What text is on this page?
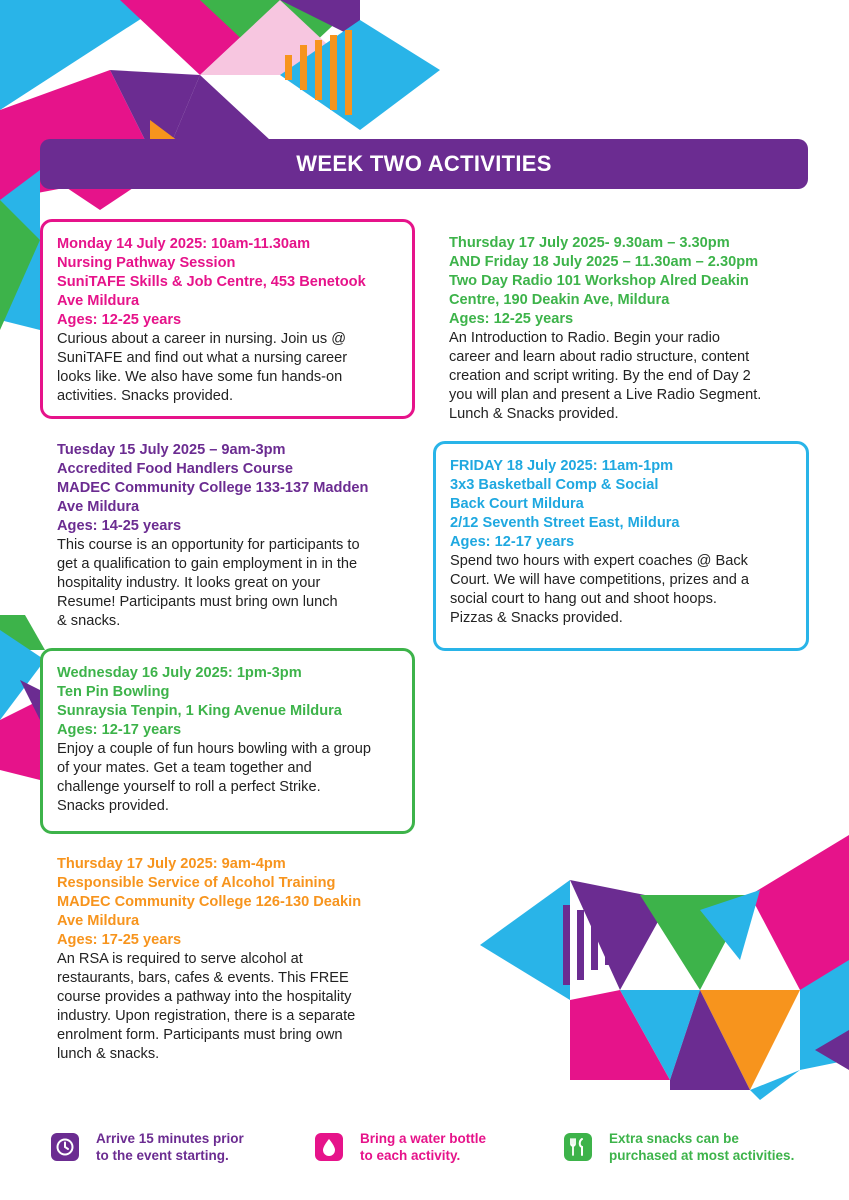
WEEK TWO ACTIVITIES
Monday 14 July 2025: 10am-11.30am
Nursing Pathway Session
SuniTAFE Skills & Job Centre, 453 Benetook
Ave Mildura
Ages: 12-25 years
Curious about a career in nursing. Join us @
SuniTAFE and find out what a nursing career
looks like. We also have some fun hands-on
activities. Snacks provided.
Tuesday 15 July 2025 – 9am-3pm
Accredited Food Handlers Course
MADEC Community College 133-137 Madden
Ave Mildura
Ages: 14-25 years
This course is an opportunity for participants to
get a qualification to gain employment in in the
hospitality industry. It looks great on your
Resume! Participants must bring own lunch
& snacks.
Wednesday 16 July 2025: 1pm-3pm
Ten Pin Bowling
Sunraysia Tenpin, 1 King Avenue Mildura
Ages: 12-17 years
Enjoy a couple of fun hours bowling with a group
of your mates. Get a team together and
challenge yourself to roll a perfect Strike.
Snacks provided.
Thursday 17 July 2025: 9am-4pm
Responsible Service of Alcohol Training
MADEC Community College 126-130 Deakin
Ave Mildura
Ages: 17-25 years
An RSA is required to serve alcohol at
restaurants, bars, cafes & events. This FREE
course provides a pathway into the hospitality
industry. Upon registration, there is a separate
enrolment form. Participants must bring own
lunch & snacks.
Thursday 17 July 2025- 9.30am – 3.30pm
AND Friday 18 July 2025 – 11.30am – 2.30pm
Two Day Radio 101 Workshop Alred Deakin
Centre, 190 Deakin Ave, Mildura
Ages: 12-25 years
An Introduction to Radio. Begin your radio
career and learn about radio structure, content
creation and script writing. By the end of Day 2
you will plan and present a Live Radio Segment.
Lunch & Snacks provided.
FRIDAY 18 July 2025: 11am-1pm
3x3 Basketball Comp & Social
Back Court Mildura
2/12 Seventh Street East, Mildura
Ages: 12-17 years
Spend two hours with expert coaches @ Back
Court. We will have competitions, prizes and a
social court to hang out and shoot hoops.
Pizzas & Snacks provided.
Arrive 15 minutes prior
to the event starting.
Bring a water bottle
to each activity.
Extra snacks can be
purchased at most activities.
